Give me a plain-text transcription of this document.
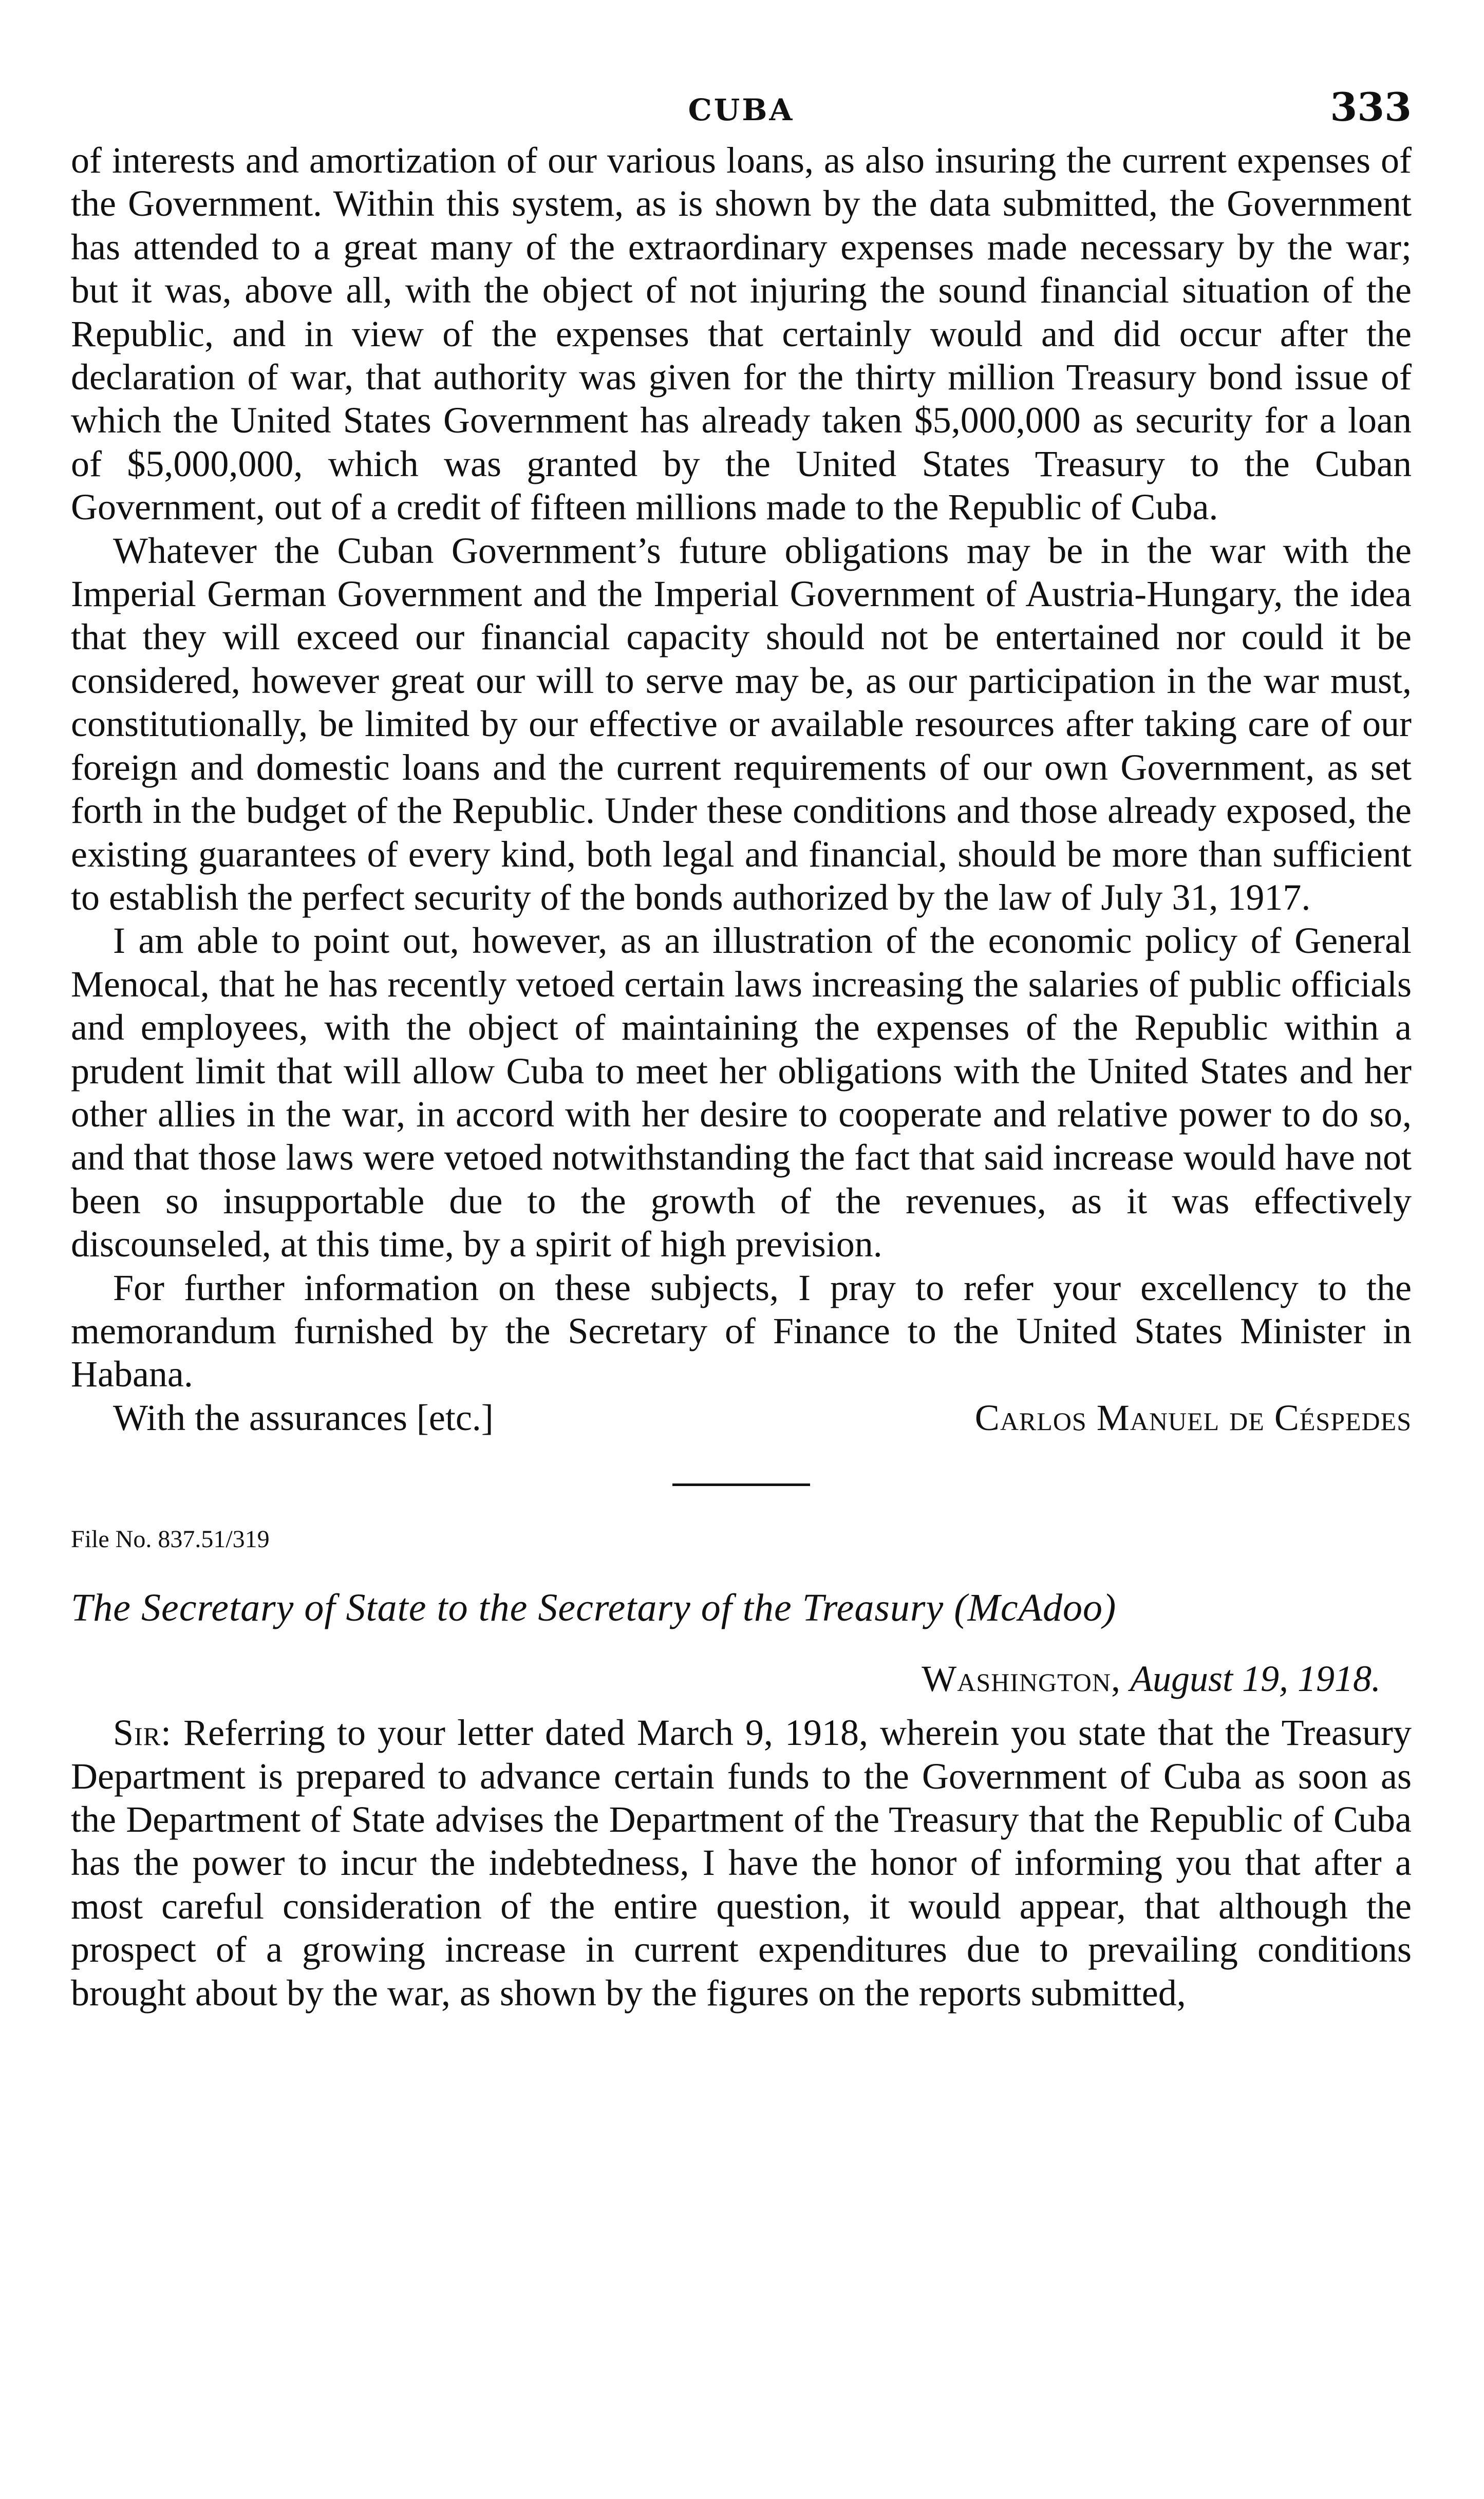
CUBA	333

of interests and amortization of our various loans, as also insuring the current expenses of the Government. Within this system, as is shown by the data submitted, the Government has attended to a great many of the extraordinary expenses made necessary by the war; but it was, above all, with the object of not injuring the sound financial situation of the Republic, and in view of the expenses that certainly would and did occur after the declaration of war, that authority was given for the thirty million Treasury bond issue of which the United States Government has already taken $5,000,000 as security for a loan of $5,000,000, which was granted by the United States Treasury to the Cuban Government, out of a credit of fifteen millions made to the Republic of Cuba.

Whatever the Cuban Government’s future obligations may be in the war with the Imperial German Government and the Imperial Government of Austria-Hungary, the idea that they will exceed our financial capacity should not be entertained nor could it be considered, however great our will to serve may be, as our participation in the war must, constitutionally, be limited by our effective or available resources after taking care of our foreign and domestic loans and the current requirements of our own Government, as set forth in the budget of the Republic. Under these conditions and those already exposed, the existing guarantees of every kind, both legal and financial, should be more than sufficient to establish the perfect security of the bonds authorized by the law of July 31, 1917.

I am able to point out, however, as an illustration of the economic policy of General Menocal, that he has recently vetoed certain laws increasing the salaries of public officials and employees, with the object of maintaining the expenses of the Republic within a prudent limit that will allow Cuba to meet her obligations with the United States and her other allies in the war, in accord with her desire to cooperate and relative power to do so, and that those laws were vetoed notwithstanding the fact that said increase would have not been so insupportable due to the growth of the revenues, as it was effectively discounseled, at this time, by a spirit of high prevision.

For further information on these subjects, I pray to refer your excellency to the memorandum furnished by the Secretary of Finance to the United States Minister in Habana.

With the assurances [etc.]	Carlos Manuel de Céspedes
File No. 837.51/319
The Secretary of State to the Secretary of the Treasury (McAdoo)
Washington, August 19, 1918.

Sir: Referring to your letter dated March 9, 1918, wherein you state that the Treasury Department is prepared to advance certain funds to the Government of Cuba as soon as the Department of State advises the Department of the Treasury that the Republic of Cuba has the power to incur the indebtedness, I have the honor of informing you that after a most careful consideration of the entire question, it would appear, that although the prospect of a growing increase in current expenditures due to prevailing conditions brought about by the war, as shown by the figures on the reports submitted,
